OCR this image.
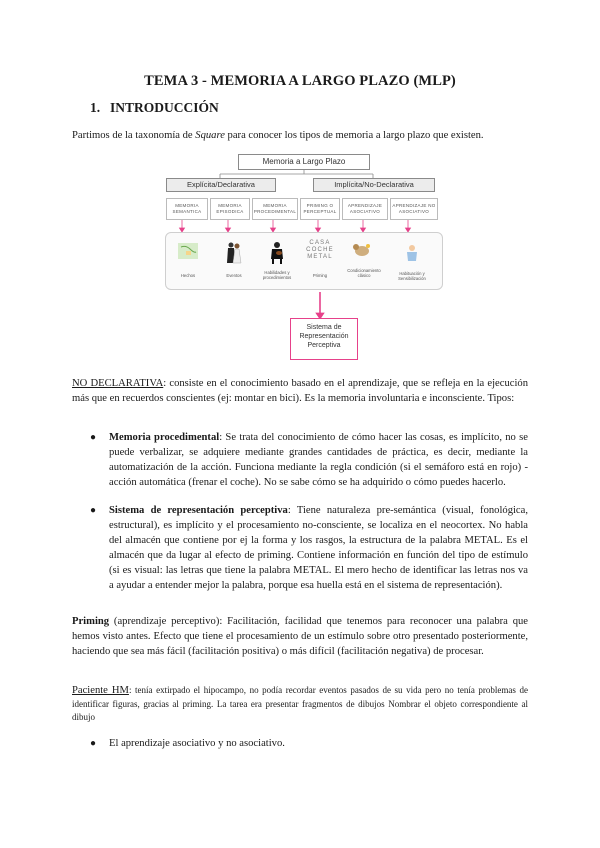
TEMA 3 - MEMORIA A LARGO PLAZO (MLP)
1. INTRODUCCIÓN
Partimos de la taxonomía de Square para conocer los tipos de memoria a largo plazo que existen.
Memoria a Largo Plazo
Explícita/Declarativa	Implícita/No-Declarativa
MEMORIA SEMANTICA
MEMORIA EPISODICA
MEMORIA PROCEDIMENTAL
PRIMING O PERCEPTUAL
APRENDIZAJE ASOCIATIVO
APRENDIZAJE NO ASOCIATIVO
CASA
COCHE
METAL
Hechos	Eventos
Habilidades y procedimientos	Priming
Condicionamiento clásico	Habituación y Sensibilización
Sistema de Representación Perceptiva
NO DECLARATIVA: consiste en el conocimiento basado en el aprendizaje, que se refleja en la ejecución más que en recuerdos conscientes (ej: montar en bici). Es la memoria involuntaria e inconsciente. Tipos:
● Memoria procedimental: Se trata del conocimiento de cómo hacer las cosas, es implícito, no se puede verbalizar, se adquiere mediante grandes cantidades de práctica, es decir, mediante la automatización de la acción. Funciona mediante la regla condición (si el semáforo está en rojo) - acción automática (frenar el coche). No se sabe cómo se ha adquirido o cómo puedes hacerlo.
● Sistema de representación perceptiva: Tiene naturaleza pre-semántica (visual, fonológica, estructural), es implícito y el procesamiento no-consciente, se localiza en el neocortex. No habla del almacén que contiene por ej la forma y los rasgos, la estructura de la palabra METAL. Es el almacén que da lugar al efecto de priming. Contiene información en función del tipo de estímulo (si es visual: las letras que tiene la palabra METAL. El mero hecho de identificar las letras nos va a ayudar a entender mejor la palabra, porque esa huella está en el sistema de representación).
Priming (aprendizaje perceptivo): Facilitación, facilidad que tenemos para reconocer una palabra que hemos visto antes. Efecto que tiene el procesamiento de un estímulo sobre otro presentado posteriormente, haciendo que sea más fácil (facilitación positiva) o más difícil (facilitación negativa) de procesar.
Paciente HM: tenía extirpado el hipocampo, no podía recordar eventos pasados de su vida pero no tenía problemas de identificar figuras, gracias al priming. La tarea era presentar fragmentos de dibujos Nombrar el objeto correspondiente al dibujo
● El aprendizaje asociativo y no asociativo.
